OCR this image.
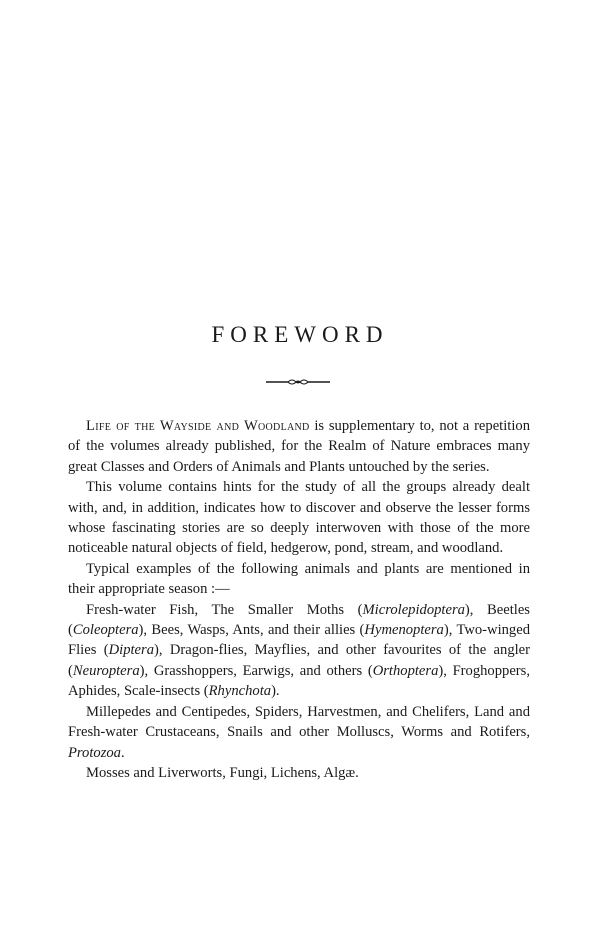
FOREWORD

Life of the Wayside and Woodland is supplementary to, not a repetition of the volumes already published, for the Realm of Nature embraces many great Classes and Orders of Animals and Plants untouched by the series.

This volume contains hints for the study of all the groups already dealt with, and, in addition, indicates how to discover and observe the lesser forms whose fascinating stories are so deeply interwoven with those of the more noticeable natural objects of field, hedgerow, pond, stream, and woodland.

Typical examples of the following animals and plants are mentioned in their appropriate season :—

Fresh-water Fish, The Smaller Moths (Microlepidoptera), Beetles (Coleoptera), Bees, Wasps, Ants, and their allies (Hymenoptera), Two-winged Flies (Diptera), Dragon-flies, Mayflies, and other favourites of the angler (Neuroptera), Grasshoppers, Earwigs, and others (Orthoptera), Froghoppers, Aphides, Scale-insects (Rhynchota).

Millepedes and Centipedes, Spiders, Harvestmen, and Chelifers, Land and Fresh-water Crustaceans, Snails and other Molluscs, Worms and Rotifers, Protozoa.

Mosses and Liverworts, Fungi, Lichens, Algæ.
